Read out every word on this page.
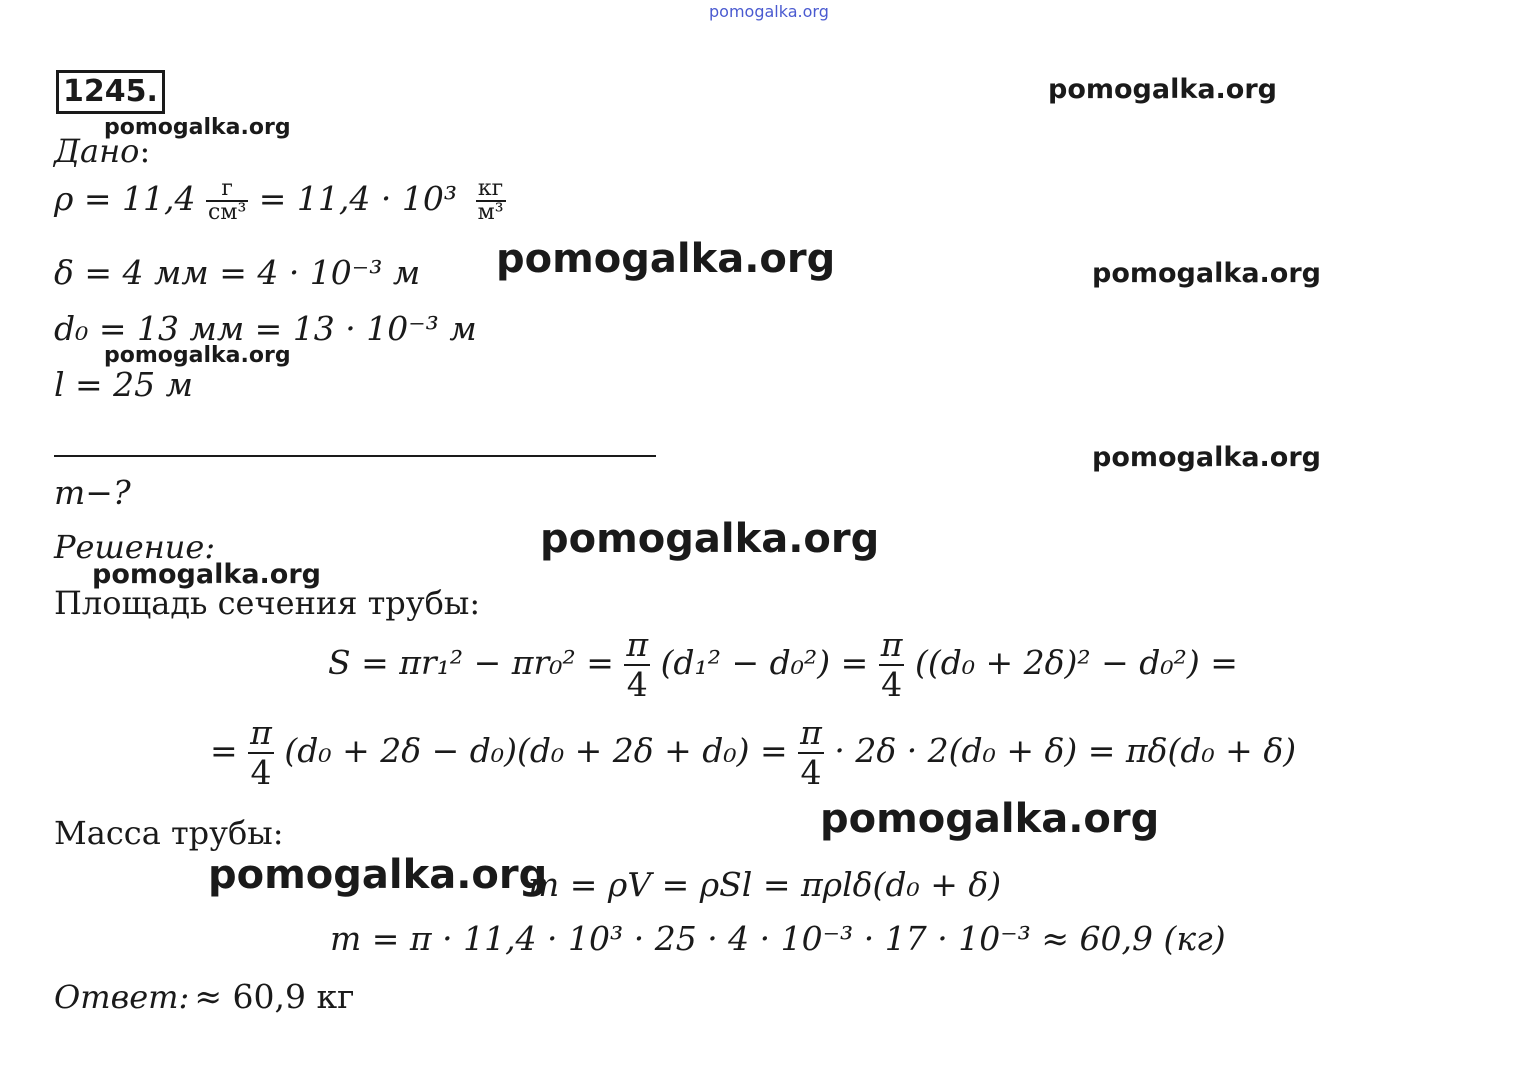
pomogalka.org
1245.	pomogalka.org
pomogalka.org
pomogalka.org	pomogalka.org
pomogalka.org
pomogalka.org
pomogalka.org
pomogalka.org
pomogalka.org
pomogalka.org
Дано:
$\rho = 11,4 \frac{г}{\text{см³}} = 11,4 \cdot 10^3 \frac{кг}{\text{м³}}$
δ = 4 мм = 4 · 10⁻³ м
d₀ = 13 мм = 13 · 10⁻³ м
l = 25 м
m−?
Решение:
Площадь сечения трубы:
$S = \pi r_1^2 - \pi r_0^2 = \frac{\pi}{4} (d_1^2 - d_0^2) = \frac{\pi}{4} ((d_0 + 2\delta)^2 - d_0^2)$ =
= $\frac{\pi}{4} (d_0 + 2\delta - d_0)(d_0 + 2\delta + d_0) = \frac{\pi}{4} \cdot 2\delta \cdot 2(d_0 + \delta) = \pi\delta(d_0 + \delta)$
Масса трубы:
m = ρV = ρSl = πρlδ(d₀ + δ)
m = π · 11,4 · 10³ · 25 · 4 · 10⁻³ · 17 · 10⁻³ ≈ 60,9 (кг)
Ответ: ≈ 60,9 кг
